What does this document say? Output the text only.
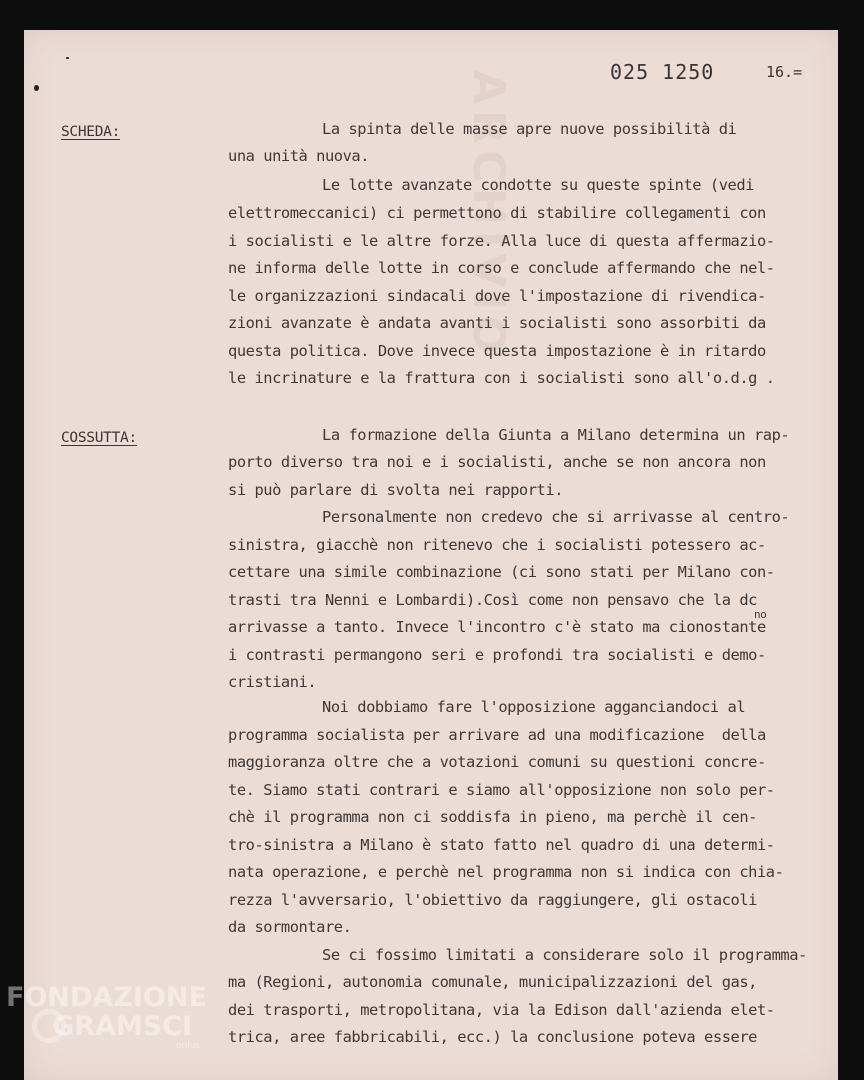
ARCHIVIO	025 1250	16.=
SCHEDA:
COSSUTTA:
La spinta delle masse apre nuove possibilità di
una unità nuova.
Le lotte avanzate condotte su queste spinte (vedi
elettromeccanici) ci permettono di stabilire collegamenti con
i socialisti e le altre forze. Alla luce di questa affermazio-
ne informa delle lotte in corso e conclude affermando che nel-
le organizzazioni sindacali dove l'impostazione di rivendica-
zioni avanzate è andata avanti i socialisti sono assorbiti da
questa politica. Dove invece questa impostazione è in ritardo
le incrinature e la frattura con i socialisti sono all'o.d.g .
La formazione della Giunta a Milano determina un rap-
porto diverso tra noi e i socialisti, anche se non ancora non
si può parlare di svolta nei rapporti.
Personalmente non credevo che si arrivasse al centro-
sinistra, giacchè non ritenevo che i socialisti potessero ac-
cettare una simile combinazione (ci sono stati per Milano con-
trasti tra Nenni e Lombardi).Così come non pensavo che la dc
arrivasse a tanto. Invece l'incontro c'è stato ma cionostante
i contrasti permangono seri e profondi tra socialisti e demo-
cristiani.
Noi dobbiamo fare l'opposizione agganciandoci al
programma socialista per arrivare ad una modificazione  della
maggioranza oltre che a votazioni comuni su questioni concre-
te. Siamo stati contrari e siamo all'opposizione non solo per-
chè il programma non ci soddisfa in pieno, ma perchè il cen-
tro-sinistra a Milano è stato fatto nel quadro di una determi-
nata operazione, e perchè nel programma non si indica con chia-
rezza l'avversario, l'obiettivo da raggiungere, gli ostacoli
da sormontare.
Se ci fossimo limitati a considerare solo il programma-
ma (Regioni, autonomia comunale, municipalizzazioni del gas,
dei trasporti, metropolitana, via la Edison dall'azienda elet-
trica, aree fabbricabili, ecc.) la conclusione poteva essere
no
FONDAZIONE
GRAMSCI
onlus
